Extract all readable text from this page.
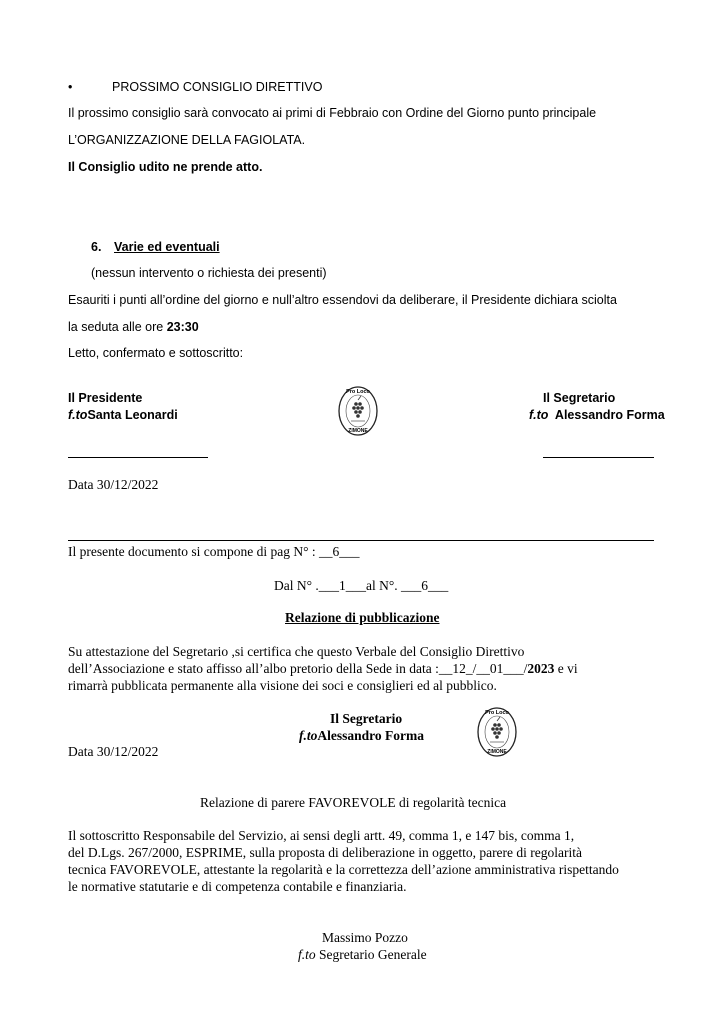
•	PROSSIMO CONSIGLIO DIRETTIVO
Il prossimo consiglio sarà convocato ai primi di Febbraio con Ordine del Giorno punto principale
L’ORGANIZZAZIONE DELLA FAGIOLATA.
Il Consiglio udito ne prende atto.
6. Varie ed eventuali
(nessun intervento o richiesta dei presenti)
Esauriti i punti all’ordine del giorno e null’altro essendovi da deliberare, il Presidente dichiara sciolta
la seduta alle ore 23:30
Letto, confermato e sottoscritto:
Il Presidente
f.toSanta Leonardi
Il Segretario
f.to Alessandro Forma
Pro Loco
ZIMONE
Data 30/12/2022
Il presente documento si compone di pag N° : __6___
Dal N° .___1___al N°. ___6___
Relazione di pubblicazione
Su attestazione del Segretario ,si certifica che questo Verbale del Consiglio Direttivo
dell’Associazione e stato affisso all’albo pretorio della Sede in data :__12_/__01___/2023 e vi
rimarrà pubblicata permanente alla visione dei soci e consiglieri ed al pubblico.
Il Segretario
f.toAlessandro Forma
Pro Loco
ZIMONE
Data 30/12/2022
Relazione di parere FAVOREVOLE di regolarità tecnica
Il sottoscritto Responsabile del Servizio, ai sensi degli artt. 49, comma 1, e 147 bis, comma 1,
del D.Lgs. 267/2000, ESPRIME, sulla proposta di deliberazione in oggetto, parere di regolarità
tecnica FAVOREVOLE, attestante la regolarità e la correttezza dell’azione amministrativa rispettando
le normative statutarie e di competenza contabile e finanziaria.
Massimo Pozzo
f.to Segretario Generale
